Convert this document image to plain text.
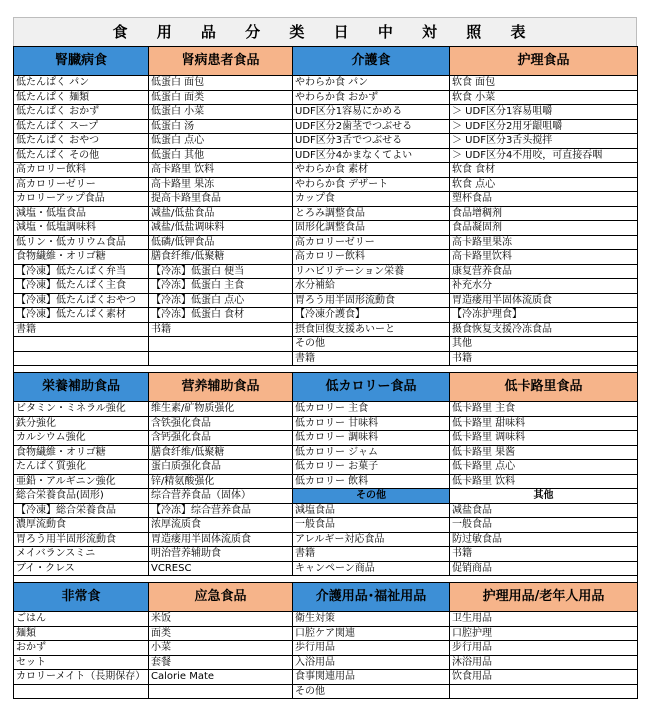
食 用 品 分 类 日 中 対 照 表
腎臓病食	肾病患者食品	介護食	护理食品
低たんぱく パン	低蛋白 面包	やわらか食 パン	软食 面包
低たんぱく 麺類	低蛋白 面类	やわらか食 おかず	软食 小菜
低たんぱく おかず	低蛋白 小菜	UDF区分1容易にかめる	＞ UDF区分1容易咀嚼
低たんぱく スープ	低蛋白 汤	UDF区分2歯茎でつぶせる	＞ UDF区分2用牙龈咀嚼
低たんぱく おやつ	低蛋白 点心	UDF区分3舌でつぶせる	＞ UDF区分3舌头搅拌
低たんぱく その他	低蛋白 其他	UDF区分4かまなくてよい	＞ UDF区分4不用咬，可直接吞咽
高カロリー飲料	高卡路里 饮料	やわらか食 素材	软食 食材
高カロリーゼリー	高卡路里 果冻	やわらか食 デザート	软食 点心
カロリーアップ食品	提高卡路里食品	カップ食	塑杯食品
減塩・低塩食品	减盐/低盐食品	とろみ調整食品	食品增稠剂
減塩・低塩調味料	减盐/低盐调味料	固形化調整食品	食品凝固剂
低リン・低カリウム食品	低磷/低钾食品	高カロリーゼリー	高卡路里果冻
食物繊維・オリゴ糖	膳食纤维/低聚糖	高カロリー飲料	高卡路里饮料
【冷凍】低たんぱく弁当	【冷冻】低蛋白 便当	リハビリテーション栄養	康复营养食品
【冷凍】低たんぱく主食	【冷冻】低蛋白 主食	水分補給	补充水分
【冷凍】低たんぱくおやつ	【冷冻】低蛋白 点心	胃ろう用半固形流動食	胃造瘘用半固体流质食
【冷凍】低たんぱく素材	【冷冻】低蛋白 食材	【冷凍介護食】	【冷冻护理食】
書籍	书籍	摂食回復支援あいーと	摄食恢复支援冷冻食品
		その他	其他
		書籍	书籍

栄養補助食品	营养辅助食品	低カロリー食品	低卡路里食品
ビタミン・ミネラル強化	维生素/矿物质强化	低カロリー 主食	低卡路里 主食
鉄分強化	含铁强化食品	低カロリー 甘味料	低卡路里 甜味料
カルシウム強化	含钙强化食品	低カロリー 調味料	低卡路里 调味料
食物繊維・オリゴ糖	膳食纤维/低聚糖	低カロリー ジャム	低卡路里 果酱
たんぱく質強化	蛋白质强化食品	低カロリー お菓子	低卡路里 点心
亜鉛・アルギニン強化	锌/精氨酸强化	低カロリー 飲料	低卡路里 饮料
総合栄養食品(固形)	综合营养食品（固体）	その他	其他
【冷凍】総合栄養食品	【冷冻】综合营养食品	減塩食品	减盐食品
濃厚流動食	浓厚流质食	一般食品	一般食品
胃ろう用半固形流動食	胃造瘘用半固体流质食	アレルギー対応食品	防过敏食品
メイバランスミニ	明治营养辅助食	書籍	书籍
ブイ・クレス	VCRESC	キャンペーン商品	促销商品

非常食	应急食品	介護用品･福祉用品	护理用品/老年人用品
ごはん	米饭	衛生対策	卫生用品
麺類	面类	口腔ケア関連	口腔护理
おかず	小菜	歩行用品	步行用品
セット	套餐	入浴用品	沐浴用品
カロリーメイト（長期保存）	Calorie Mate	食事関連用品	饮食用品
		その他	
